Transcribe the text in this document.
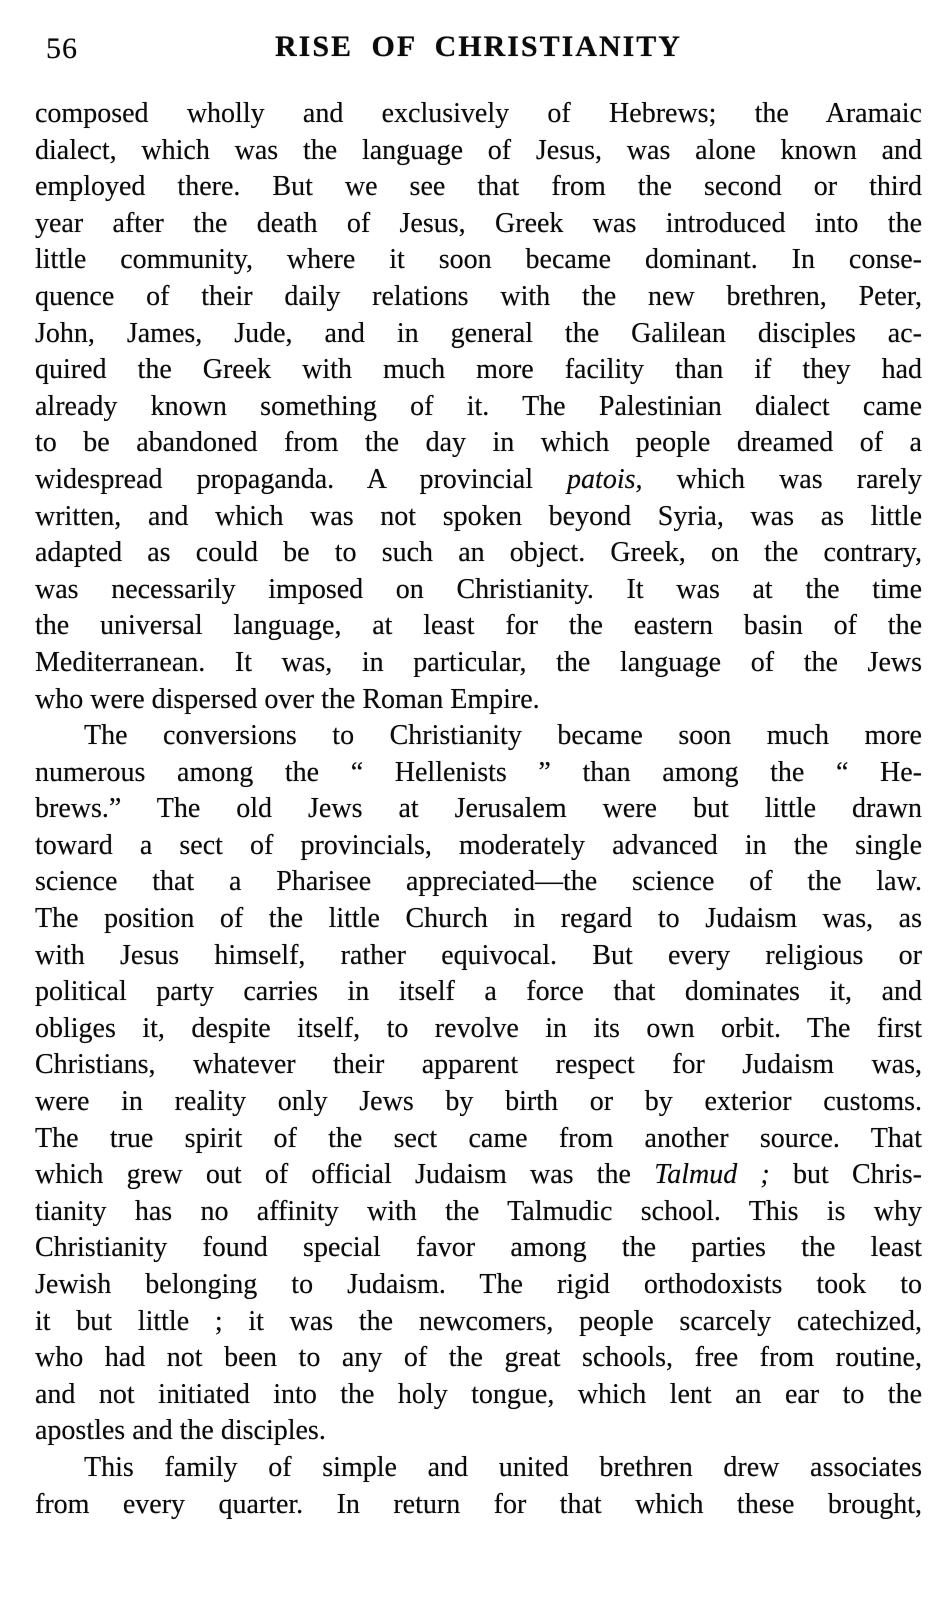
56	RISE OF CHRISTIANITY
composed wholly and exclusively of Hebrews; the Aramaic
dialect, which was the language of Jesus, was alone known and
employed there. But we see that from the second or third
year after the death of Jesus, Greek was introduced into the
little community, where it soon became dominant. In conse-
quence of their daily relations with the new brethren, Peter,
John, James, Jude, and in general the Galilean disciples ac-
quired the Greek with much more facility than if they had
already known something of it. The Palestinian dialect came
to be abandoned from the day in which people dreamed of a
widespread propaganda. A provincial patois, which was rarely
written, and which was not spoken beyond Syria, was as little
adapted as could be to such an object. Greek, on the contrary,
was necessarily imposed on Christianity. It was at the time
the universal language, at least for the eastern basin of the
Mediterranean. It was, in particular, the language of the Jews
who were dispersed over the Roman Empire.
The conversions to Christianity became soon much more
numerous among the “ Hellenists ” than among the “ He-
brews.” The old Jews at Jerusalem were but little drawn
toward a sect of provincials, moderately advanced in the single
science that a Pharisee appreciated—the science of the law.
The position of the little Church in regard to Judaism was, as
with Jesus himself, rather equivocal. But every religious or
political party carries in itself a force that dominates it, and
obliges it, despite itself, to revolve in its own orbit. The first
Christians, whatever their apparent respect for Judaism was,
were in reality only Jews by birth or by exterior customs.
The true spirit of the sect came from another source. That
which grew out of official Judaism was the Talmud ; but Chris-
tianity has no affinity with the Talmudic school. This is why
Christianity found special favor among the parties the least
Jewish belonging to Judaism. The rigid orthodoxists took to
it but little ; it was the newcomers, people scarcely catechized,
who had not been to any of the great schools, free from routine,
and not initiated into the holy tongue, which lent an ear to the
apostles and the disciples.
This family of simple and united brethren drew associates
from every quarter. In return for that which these brought,
